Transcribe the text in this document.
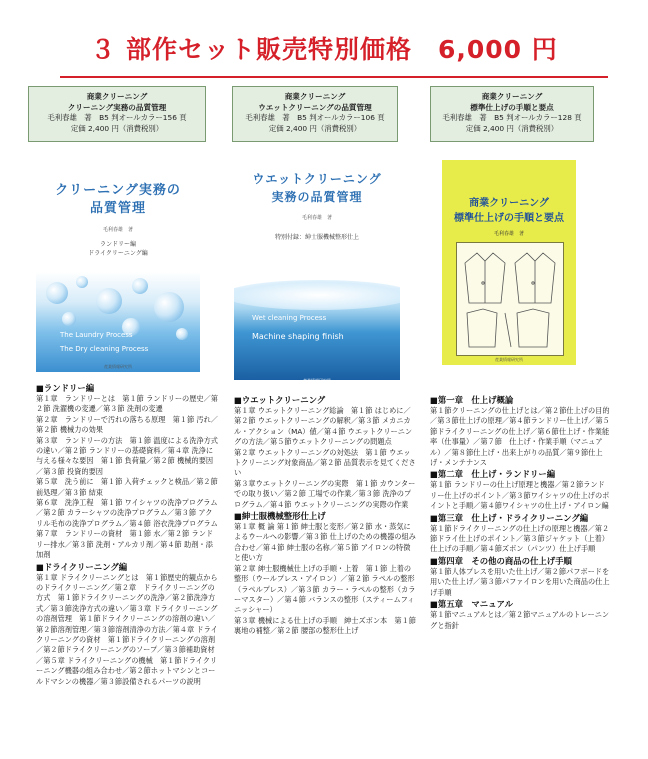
３ 部作セット販売特別価格　6,000 円
商業クリーニング
クリーニング実務の品質管理
毛利春雄　著　B5 判オールカラー156 頁
定価 2,400 円（消費税別）
商業クリーニング
ウエットクリーニングの品質管理
毛利春雄　著　B5 判オールカラー106 頁
定価 2,400 円（消費税別）
商業クリーニング
標準仕上げの手順と要点
毛利春雄　著　B5 判オールカラー128 頁
定価 2,400 円（消費税別）
クリーニング実務の
品質管理
毛利春雄　著
ランドリー編
ドライクリーニング編
The Laundry Process
The Dry cleaning Process
産業情報研究所
ウエットクリーニング
実務の品質管理
毛利春雄　著
特別付録：紳士服機械整形仕上
Wet cleaning Process
Machine shaping finish
産業情報研究所
商業クリーニング
標準仕上げの手順と要点
毛利春雄　著
産業情報研究所
■ランドリー編

第１章　ランドリーとは　第１節 ランドリーの歴史／第２節 洗濯機の変遷／第３節 洗剤の変遷

第２章　ランドリーで汚れの落ちる原理　第１節 汚れ／第２節 機械力の効果

第３章　ランドリーの方法　第１節 温度による洗浄方式の違い／第２節 ランドリーの基礎資料／第４章 洗浄に与える様々な要因　第１節 負荷量／第２節 機械的要因／第３節 投資的要因

第５章　洗う前に　第１節 入荷チェックと検品／第２節 前処理／第３節 結束

第６章　洗浄工程　第１節 ワイシャツの洗浄プログラム／第２節 カラーシャツの洗浄プログラム／第３節 アクリル毛布の洗浄プログラム／第４節 浴衣洗浄プログラム

第７章　ランドリーの資材　第１節 水／第２節 ランドリー排水／第３節 洗剤・アルカリ剤／第４節 助剤・添加剤

■ドライクリーニング編

第１章 ドライクリーニングとは　第１節歴史的観点からのドライクリーニング／第２章　ドライクリーニングの方式　第１節ドライクリーニングの洗浄／第２節洗浄方式／第３節洗浄方式の違い／第３章 ドライクリーニングの溶剤管理　第１節ドライクリーニングの溶剤の違い／第２節溶剤管理／第３節溶剤清浄の方法／第４章 ドライクリーニングの資材　第１節ドライクリーニングの溶剤／第２節ドライクリーニングのソープ／第３節補助資材／第５章 ドライクリーニングの機械　第１節ドライクリーニング機器の組み合わせ／第２節ホットマシンとコールドマシンの機器／第３節設備されるパーツの説明

■ウエットクリーニング

第１章 ウエットクリーニング総論　第１節 はじめに／第２節 ウエットクリーニングの解釈／第３節 メカニカル・アクション（MA）値／第４節 ウエットクリーニングの方法／第５節ウエットクリーニングの問題点

第２章 ウエットクリーニングの対処法　第１節 ウエットクリーニング対象商品／第２節 品質表示を見てください

第３章ウエットクリーニングの実際　第１節 カウンターでの取り扱い／第２節 工場での作業／第３節 洗浄のプログラム／第４節 ウエットクリーニングの実際の作業

■紳士服機械整形仕上げ

第１章 概 論 第１節 紳士服と変形／第２節 水・蒸気によるウールへの影響／第３節 仕上げのための機器の組み合わせ／第４節 紳士服の名称／第５節 アイロンの特徴と使い方

第２章 紳士服機械仕上げの手順・上着　第１節 上着の整形（ウールプレス・アイロン）／第２節 ラペルの整形（ラペルプレス）／第３節 カラー・ラペルの整形（カラーマスター）／第４節 バランスの整形（スティームフィニッシャー）

第３章 機械による仕上げの手順　紳士ズボン本　第１節 裏地の補整／第２節 腰部の整形仕上げ

■第一章　仕上げ概論

第１節クリーニングの仕上げとは／第２節仕上げの目的／第３節仕上げの原理／第４節ランドリー仕上げ／第５節ドライクリーニングの仕上げ／第６節仕上げ・作業能率（仕事量）／第７節　仕上げ・作業手順（マニュアル）／第８節仕上げ・出来上がりの品質／第９節仕上げ・メンテナンス

■第二章　仕上げ・ランドリー編

第１節 ランドリーの仕上げ原理と機器／第２節ランドリー仕上げのポイント／第３節ワイシャツの仕上げのポイントと手順／第４節ワイシャツの仕上げ・アイロン編

■第三章　仕上げ・ドライクリーニング編

第１節ドライクリーニングの仕上げの原理と機器／第２節ドライ仕上げのポイント／第３節ジャケット（上着）仕上げの手順／第４節ズボン（パンツ）仕上げ手順

■第四章　その他の商品の仕上げ手順

第１節人体プレスを用いた仕上げ／第２節パフボードを用いた仕上げ／第３節パファイロンを用いた商品の仕上げ手順

■第五章　マニュアル

第１節マニュアルとは／第２節マニュアルのトレーニングと指針
